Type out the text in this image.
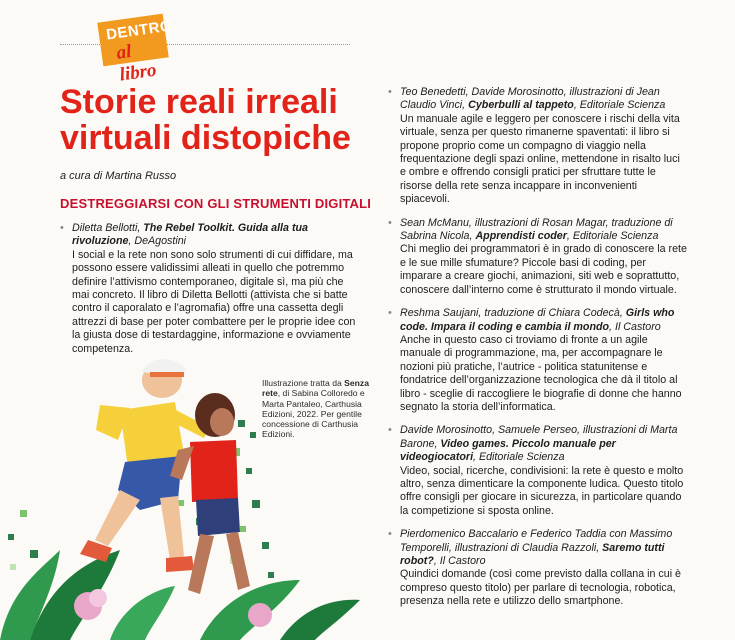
DENTRO
al libro
Storie reali irreali virtuali distopiche
a cura di Martina Russo
DESTREGGIARSI CON GLI STRUMENTI DIGITALI
• Diletta Bellotti, The Rebel Toolkit. Guida alla tua rivoluzione, DeAgostini
I social e la rete non sono solo strumenti di cui diffidare, ma possono essere validissimi alleati in quello che potremmo definire l’attivismo contemporaneo, digitale sì, ma più che mai concreto. Il libro di Diletta Bellotti (attivista che si batte contro il caporalato e l’agromafia) offre una cassetta degli attrezzi di base per poter combattere per le proprie idee con la giusta dose di testardaggine, informazione e ovviamente competenza.
• Teo Benedetti, Davide Morosinotto, illustrazioni di Jean Claudio Vinci, Cyberbulli al tappeto, Editoriale Scienza
Un manuale agile e leggero per conoscere i rischi della vita virtuale, senza per questo rimanerne spaventati: il libro si propone proprio come un compagno di viaggio nella frequentazione degli spazi online, mettendone in risalto luci e ombre e offrendo consigli pratici per sfruttare tutte le risorse della rete senza incappare in inconvenienti spiacevoli.
• Sean McManu, illustrazioni di Rosan Magar, traduzione di Sabrina Nicola, Apprendisti coder, Editoriale Scienza
Chi meglio dei programmatori è in grado di conoscere la rete e le sue mille sfumature? Piccole basi di coding, per imparare a creare giochi, animazioni, siti web e soprattutto, conoscere dall’interno come è strutturato il mondo virtuale.
• Reshma Saujani, traduzione di Chiara Codecà, Girls who code. Impara il coding e cambia il mondo, Il Castoro
Anche in questo caso ci troviamo di fronte a un agile manuale di programmazione, ma, per accompagnare le nozioni più pratiche, l’autrice - politica statunitense e fondatrice dell’organizzazione tecnologica che dà il titolo al libro - sceglie di raccogliere le biografie di donne che hanno segnato la storia dell’informatica.
• Davide Morosinotto, Samuele Perseo, illustrazioni di Marta Barone, Video games. Piccolo manuale per videogiocatori, Editoriale Scienza
Video, social, ricerche, condivisioni: la rete è questo e molto altro, senza dimenticare la componente ludica. Questo titolo offre consigli per giocare in sicurezza, in particolare quando la competizione si sposta online.
• Pierdomenico Baccalario e Federico Taddia con Massimo Temporelli, illustrazioni di Claudia Razzoli, Saremo tutti robot?, Il Castoro
Quindici domande (così come previsto dalla collana in cui è compreso questo titolo) per parlare di tecnologia, robotica, presenza nella rete e utilizzo dello smartphone.
Illustrazione tratta da Senza rete, di Sabina Colloredo e Marta Pantaleo, Carthusia Edizioni, 2022. Per gentile concessione di Carthusia Edizioni.
